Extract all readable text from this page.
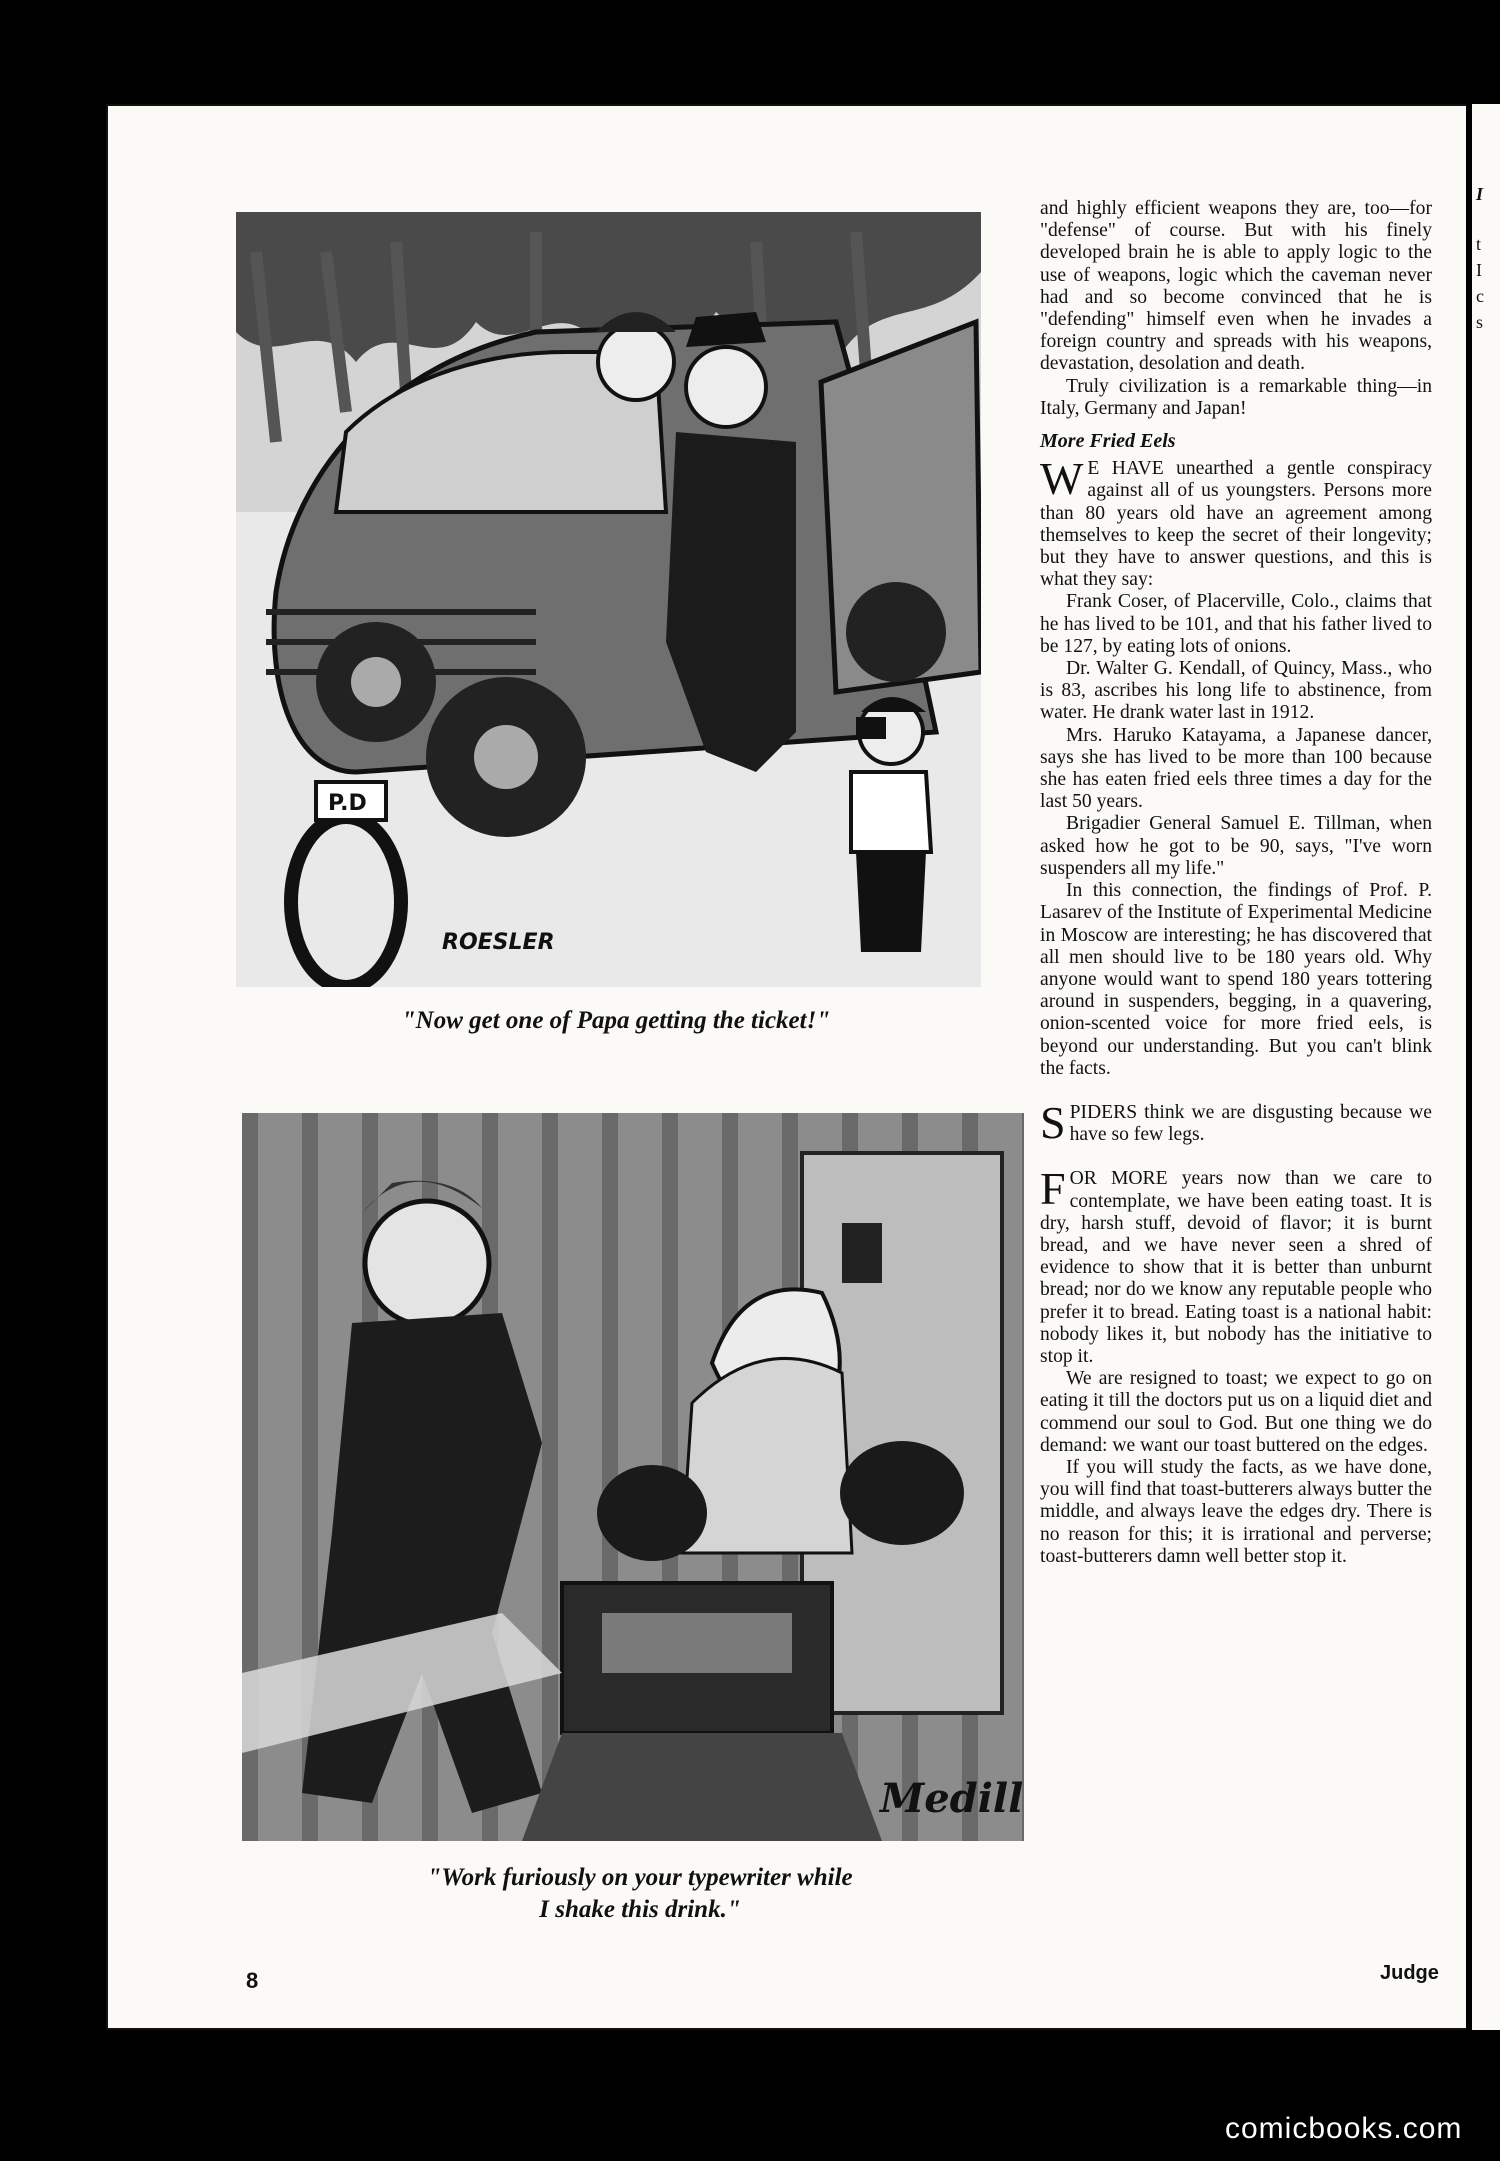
I
t
I
c
s
P.D
ROESLER
"Now get one of Papa getting the ticket!"
Medill
"Work furiously on your typewriter while
I shake this drink."

and highly efficient weapons they are, too—for "defense" of course. But with his finely developed brain he is able to apply logic to the use of weapons, logic which the caveman never had and so become convinced that he is "defending" himself even when he invades a foreign country and spreads with his weapons, devastation, desolation and death.

Truly civilization is a remarkable thing—in Italy, Germany and Japan!

More Fried Eels

W E HAVE unearthed a gentle conspiracy against all of us youngsters. Persons more than 80 years old have an agreement among themselves to keep the secret of their longevity; but they have to answer questions, and this is what they say:

Frank Coser, of Placerville, Colo., claims that he has lived to be 101, and that his father lived to be 127, by eating lots of onions.

Dr. Walter G. Kendall, of Quincy, Mass., who is 83, ascribes his long life to abstinence, from water. He drank water last in 1912.

Mrs. Haruko Katayama, a Japanese dancer, says she has lived to be more than 100 because she has eaten fried eels three times a day for the last 50 years.

Brigadier General Samuel E. Tillman, when asked how he got to be 90, says, "I've worn suspenders all my life."

In this connection, the findings of Prof. P. Lasarev of the Institute of Experimental Medicine in Moscow are interesting; he has discovered that all men should live to be 180 years old. Why anyone would want to spend 180 years tottering around in suspenders, begging, in a quavering, onion-scented voice for more fried eels, is beyond our understanding. But you can't blink the facts.

SPIDERS think we are disgusting because we have so few legs.

FOR MORE years now than we care to contemplate, we have been eating toast. It is dry, harsh stuff, devoid of flavor; it is burnt bread, and we have never seen a shred of evidence to show that it is better than unburnt bread; nor do we know any reputable people who prefer it to bread. Eating toast is a national habit: nobody likes it, but nobody has the initiative to stop it.

We are resigned to toast; we expect to go on eating it till the doctors put us on a liquid diet and commend our soul to God. But one thing we do demand: we want our toast buttered on the edges.

If you will study the facts, as we have done, you will find that toast-butterers always butter the middle, and always leave the edges dry. There is no reason for this; it is irrational and perverse; toast-butterers damn well better stop it.

8	Judge
comicbooks.com
